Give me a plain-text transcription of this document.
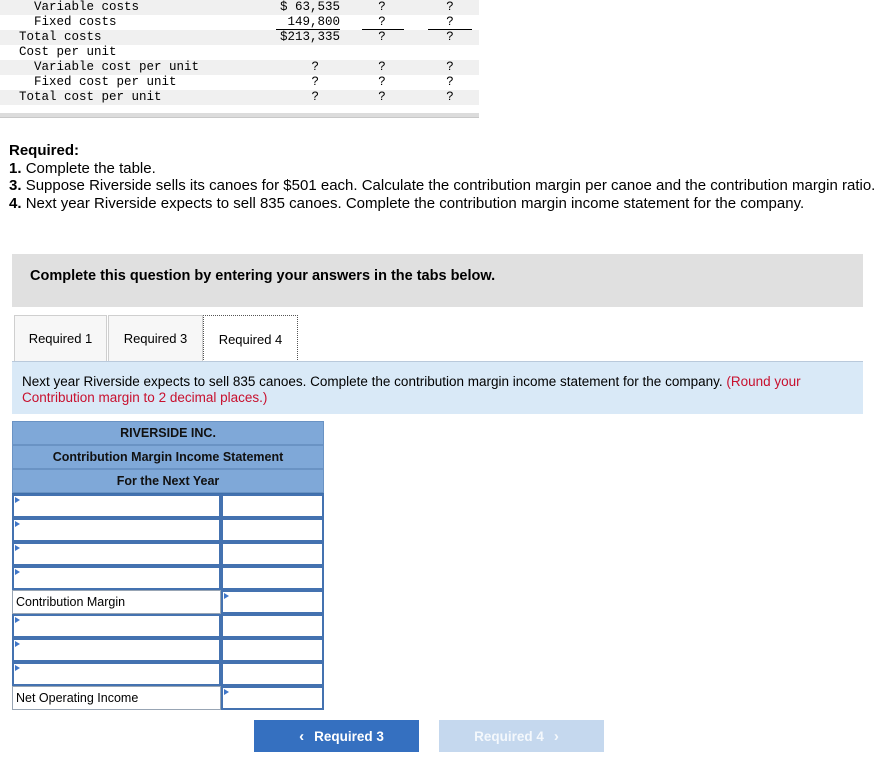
Variable costs	$ 63,535	?	?
Fixed costs	149,800	?	?
Total costs	$213,335	?	?
Cost per unit
Variable cost per unit	?	?	?
Fixed cost per unit	?	?	?
Total cost per unit	?	?	?

Required:

1. Complete the table.

3. Suppose Riverside sells its canoes for $501 each. Calculate the contribution margin per canoe and the contribution margin ratio.

4. Next year Riverside expects to sell 835 canoes. Complete the contribution margin income statement for the company.

Complete this question by entering your answers in the tabs below.
Required 1	Required 3	Required 4

Next year Riverside expects to sell 835 canoes. Complete the contribution margin income statement for the company. (Round your Contribution margin to 2 decimal places.)

RIVERSIDE INC.
Contribution Margin Income Statement
For the Next Year
Contribution Margin
Net Operating Income
‹ Required 3	Required 4 ›
